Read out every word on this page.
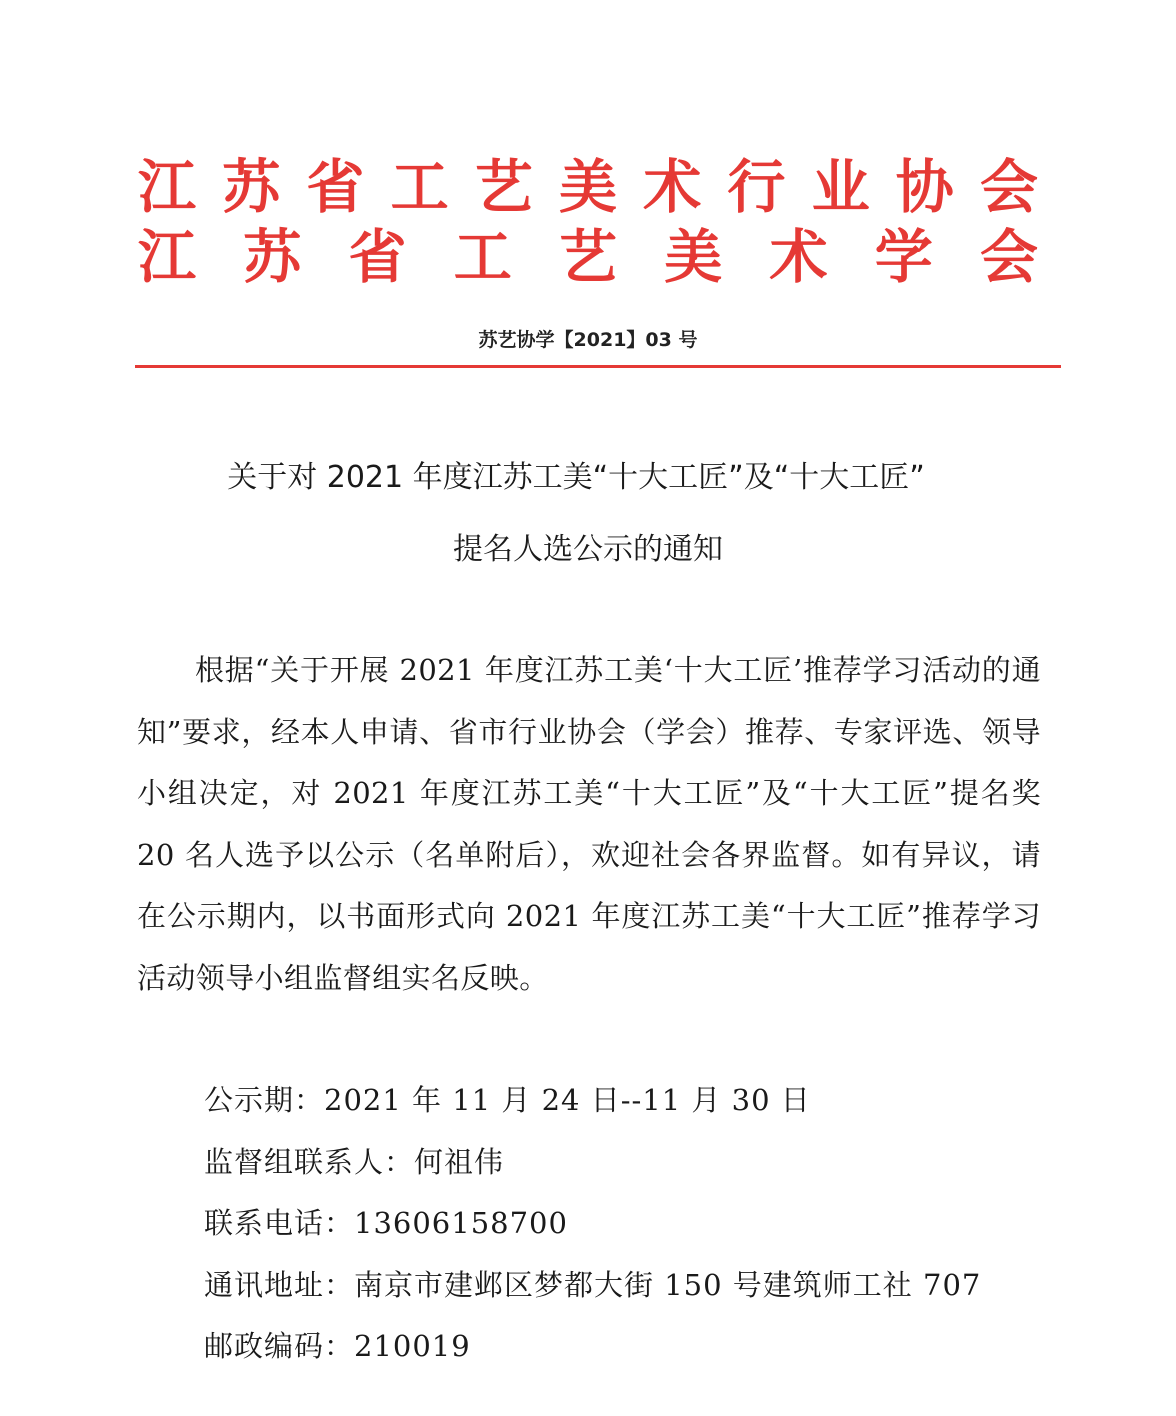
江苏省工艺美术行业协会

江苏省工艺美术学会

苏艺协学【2021】03 号
关于对 2021 年度江苏工美“十大工匠”及“十大工匠”
提名人选公示的通知

根据“关于开展 2021 年度江苏工美‘十大工匠’推荐学习活动的通知”要求，经本人申请、省市行业协会（学会）推荐、专家评选、领导小组决定，对 2021 年度江苏工美“十大工匠”及“十大工匠”提名奖 20 名人选予以公示（名单附后），欢迎社会各界监督。如有异议，请在公示期内，以书面形式向 2021 年度江苏工美“十大工匠”推荐学习活动领导小组监督组实名反映。

公示期：2021 年 11 月 24 日--11 月 30 日
监督组联系人：何祖伟
联系电话：13606158700
通讯地址：南京市建邺区梦都大街 150 号建筑师工社 707
邮政编码：210019
